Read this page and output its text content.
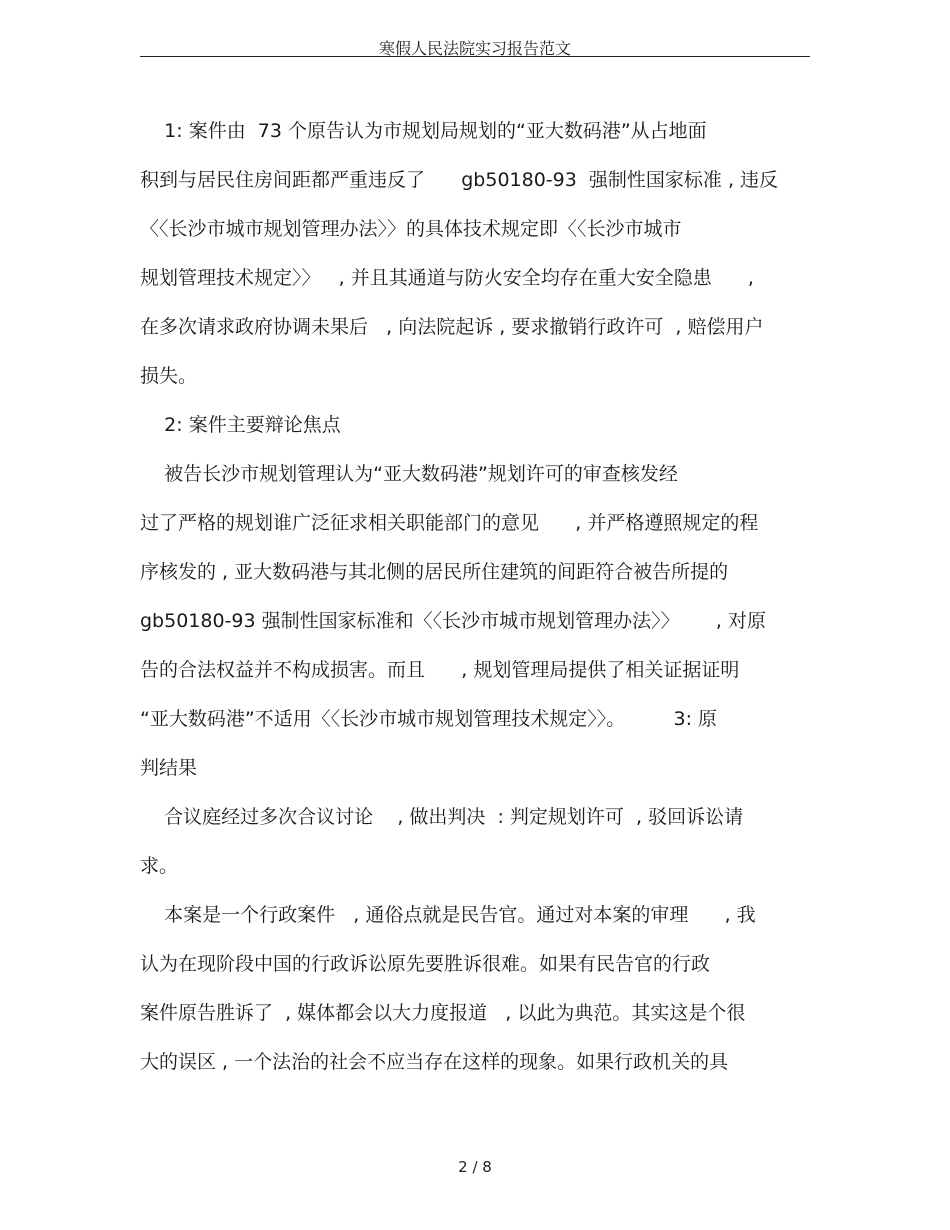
寒假人民法院实习报告范文
1: 案件由  73 个原告认为市规划局规划的“亚大数码港”从占地面
积到与居民住房间距都严重违反了      gb50180-93  强制性国家标准 , 违反
〈〈长沙市城市规划管理办法〉〉的具体技术规定即〈〈长沙市城市
规划管理技术规定〉〉   , 并且其通道与防火安全均存在重大安全隐患      ,
在多次请求政府协调未果后   , 向法院起诉 , 要求撤销行政许可  , 赔偿用户
损失。
2: 案件主要辩论焦点
被告长沙市规划管理认为“亚大数码港”规划许可的审查核发经
过了严格的规划谁广泛征求相关职能部门的意见      , 并严格遵照规定的程
序核发的 , 亚大数码港与其北侧的居民所住建筑的间距符合被告所提的
gb50180-93 强制性国家标准和〈〈长沙市城市规划管理办法〉〉      , 对原
告的合法权益并不构成损害。而且      , 规划管理局提供了相关证据证明
“亚大数码港”不适用〈〈长沙市城市规划管理技术规定〉〉。        3: 原
判结果
合议庭经过多次合议讨论    , 做出判决  : 判定规划许可  , 驳回诉讼请
求。
本案是一个行政案件   , 通俗点就是民告官。通过对本案的审理      , 我
认为在现阶段中国的行政诉讼原先要胜诉很难。如果有民告官的行政
案件原告胜诉了  , 媒体都会以大力度报道   , 以此为典范。其实这是个很
大的误区 , 一个法治的社会不应当存在这样的现象。如果行政机关的具
2 / 8
